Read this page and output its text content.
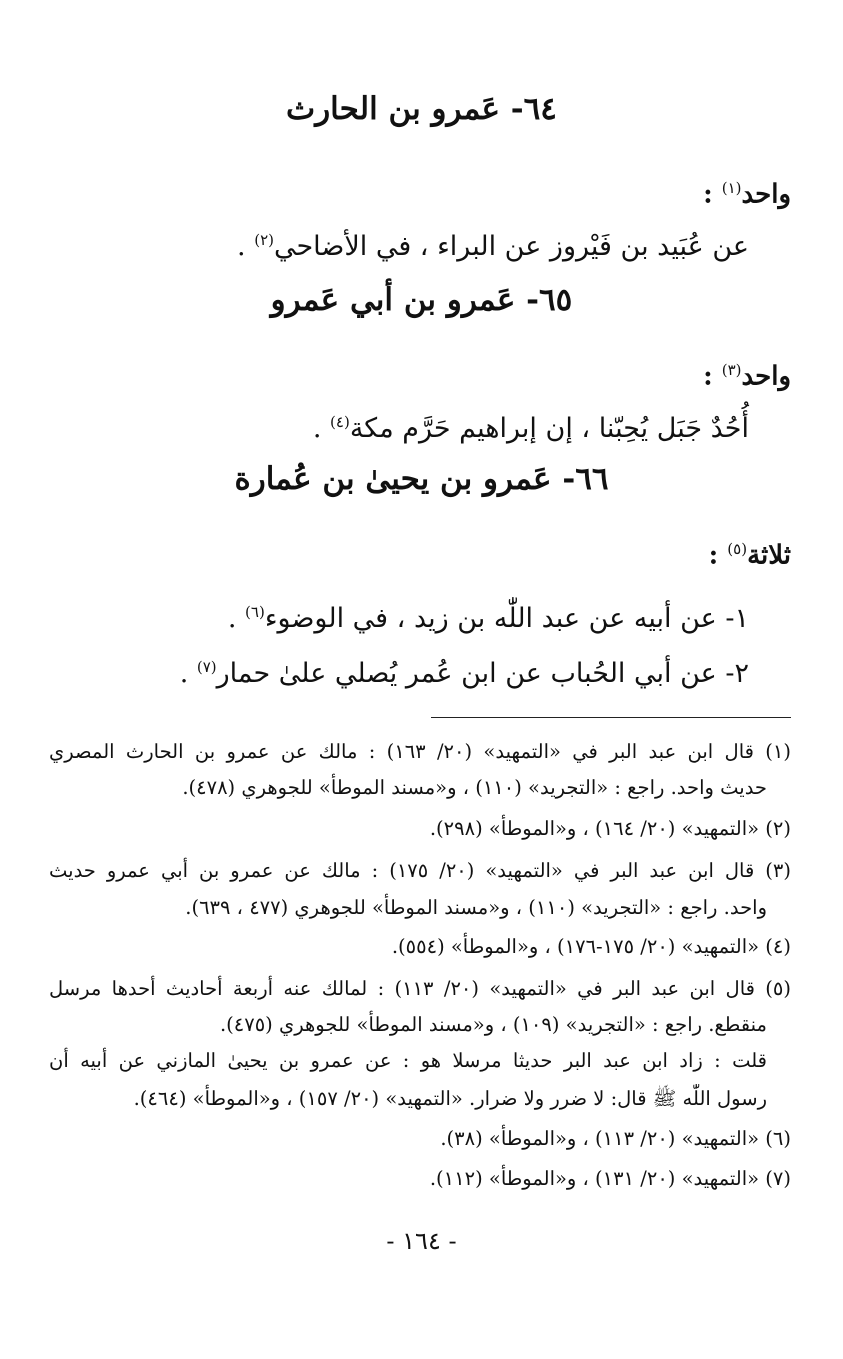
٦٤- عَمرو بن الحارث

واحد$^{(١)}$ :

عن عُبَيد بن فَيْروز عن البراء ، في الأضاحي$^{(٢)}$ .

٦٥- عَمرو بن أبي عَمرو

واحد$^{(٣)}$ :

أُحُدٌ جَبَل يُحِبّنا ، إن إبراهيم حَرَّم مكة$^{(٤)}$ .

٦٦- عَمرو بن يحيىٰ بن عُمارة

ثلاثة$^{(٥)}$ :

١- عن أبيه عن عبد اللّٰه بن زيد ، في الوضوء$^{(٦)}$ .

٢- عن أبي الحُباب عن ابن عُمر يُصلي علىٰ حمار$^{(٧)}$ .

(١) قال ابن عبد البر في «التمهيد» (٢٠/ ١٦٣) : مالك عن عمرو بن الحارث المصري

حديث واحد. راجع : «التجريد» (١١٠) ، و«مسند الموطأ» للجوهري (٤٧٨).

(٢) «التمهيد» (٢٠/ ١٦٤) ، و«الموطأ» (٢٩٨).

(٣) قال ابن عبد البر في «التمهيد» (٢٠/ ١٧٥) : مالك عن عمرو بن أبي عمرو حديث

واحد. راجع : «التجريد» (١١٠) ، و«مسند الموطأ» للجوهري (٤٧٧ ، ٦٣٩).

(٤) «التمهيد» (٢٠/ ١٧٥-١٧٦) ، و«الموطأ» (٥٥٤).

(٥) قال ابن عبد البر في «التمهيد» (٢٠/ ١١٣) : لمالك عنه أربعة أحاديث أحدها مرسل

منقطع. راجع : «التجريد» (١٠٩) ، و«مسند الموطأ» للجوهري (٤٧٥).

قلت : زاد ابن عبد البر حديثا مرسلا هو : عن عمرو بن يحيىٰ المازني عن أبيه أن

رسول اللّٰه ﷺ قال: لا ضرر ولا ضرار. «التمهيد» (٢٠/ ١٥٧) ، و«الموطأ» (٤٦٤).

(٦) «التمهيد» (٢٠/ ١١٣) ، و«الموطأ» (٣٨).

(٧) «التمهيد» (٢٠/ ١٣١) ، و«الموطأ» (١١٢).

- ١٦٤ -
